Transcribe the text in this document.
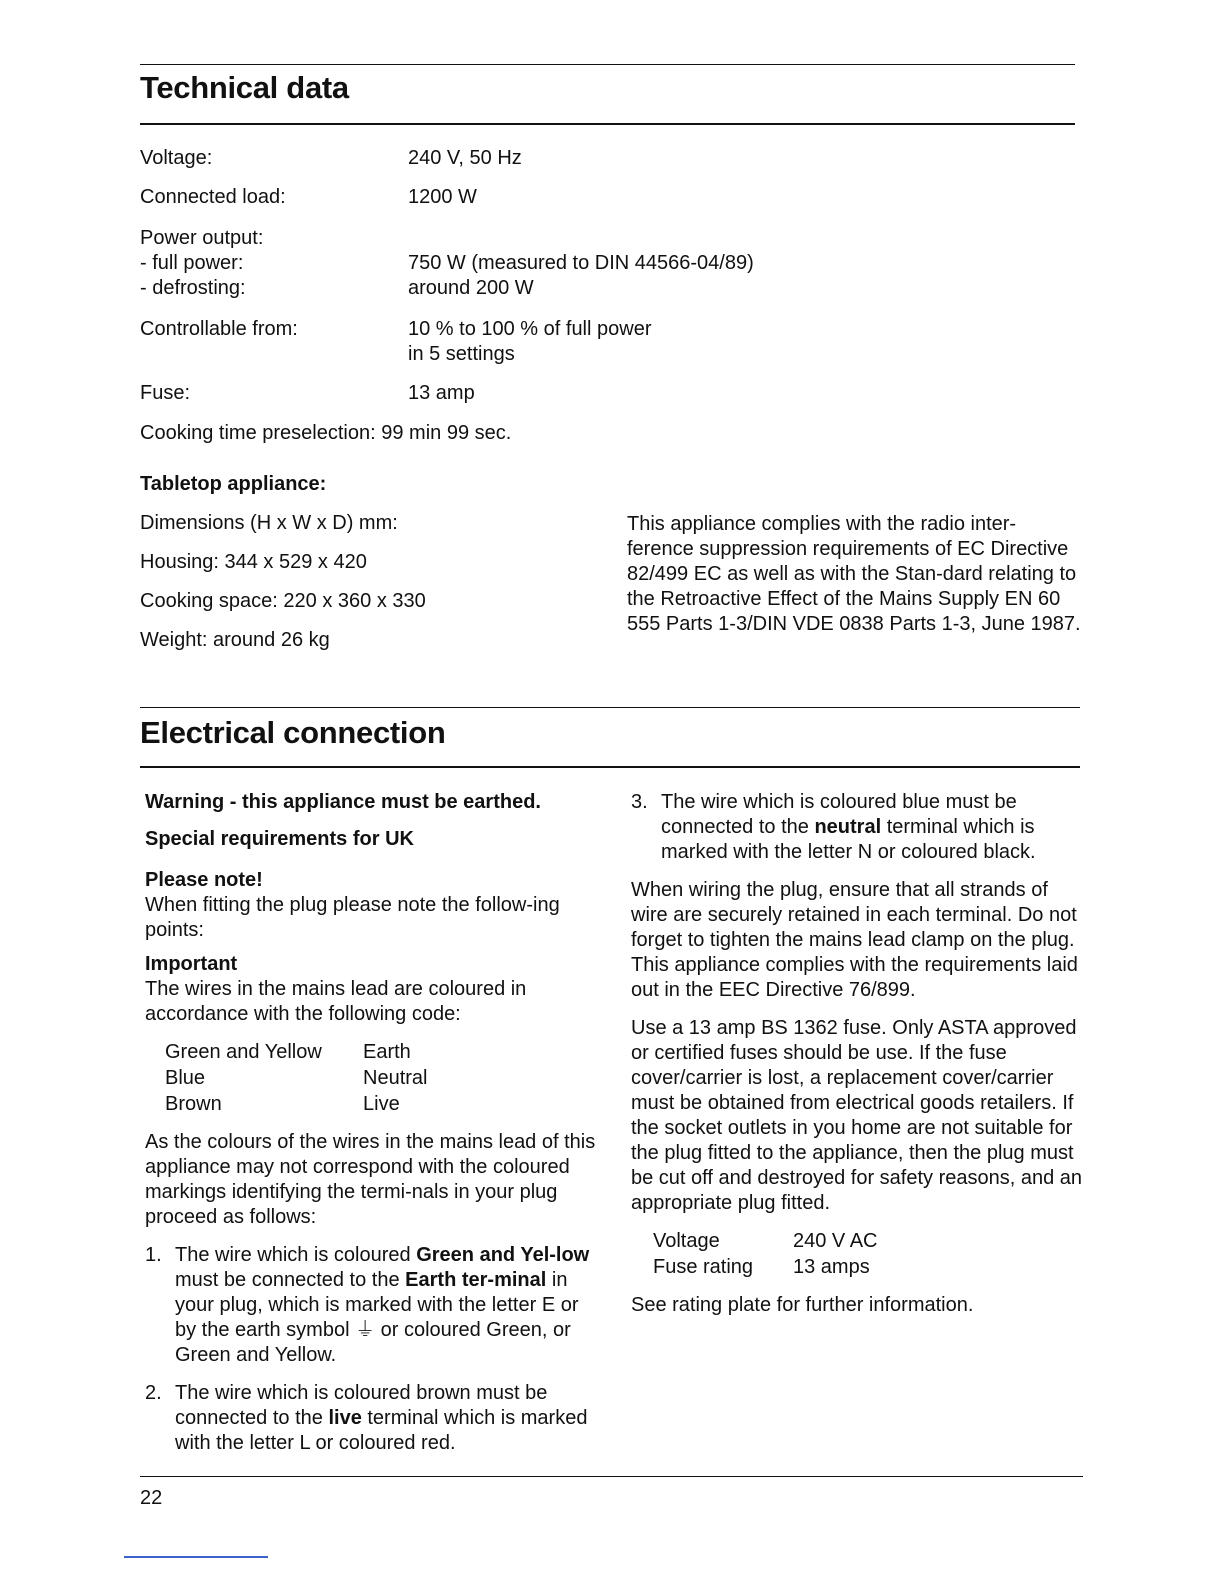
Technical data
Voltage:	240 V, 50 Hz
Connected load:	1200 W
Power output:
- full power:	750 W (measured to DIN 44566-04/89)
- defrosting:	around 200 W
Controllable from:	10 % to 100 % of full power
in 5 settings
Fuse:	13 amp
Cooking time preselection: 99 min 99 sec.
Tabletop appliance:
Dimensions (H x W x D) mm:
Housing: 344 x 529 x 420
Cooking space: 220 x 360 x 330
Weight: around 26 kg
This appliance complies with the radio inter-ference suppression requirements of EC Directive 82/499 EC as well as with the Stan-dard relating to the Retroactive Effect of the Mains Supply EN 60 555 Parts 1-3/DIN VDE 0838 Parts 1-3, June 1987.
Electrical connection

Warning - this appliance must be earthed.

Special requirements for UK

Please note!

When fitting the plug please note the follow-ing points:

Important

The wires in the mains lead are coloured in accordance with the following code:

Green and Yellow	Earth
Blue	Neutral
Brown	Live

As the colours of the wires in the mains lead of this appliance may not correspond with the coloured markings identifying the termi-nals in your plug proceed as follows:

1. The wire which is coloured Green and Yel-low must be connected to the Earth ter-minal in your plug, which is marked with the letter E or by the earth symbol ⏚ or coloured Green, or Green and Yellow.

2. The wire which is coloured brown must be connected to the live terminal which is marked with the letter L or coloured red.

3. The wire which is coloured blue must be connected to the neutral terminal which is marked with the letter N or coloured black.

When wiring the plug, ensure that all strands of wire are securely retained in each terminal. Do not forget to tighten the mains lead clamp on the plug. This appliance complies with the requirements laid out in the EEC Directive 76/899.

Use a 13 amp BS 1362 fuse. Only ASTA approved or certified fuses should be use. If the fuse cover/carrier is lost, a replacement cover/carrier must be obtained from electrical goods retailers. If the socket outlets in you home are not suitable for the plug fitted to the appliance, then the plug must be cut off and destroyed for safety reasons, and an appropriate plug fitted.

Voltage	240 V AC
Fuse rating	13 amps

See rating plate for further information.

22
